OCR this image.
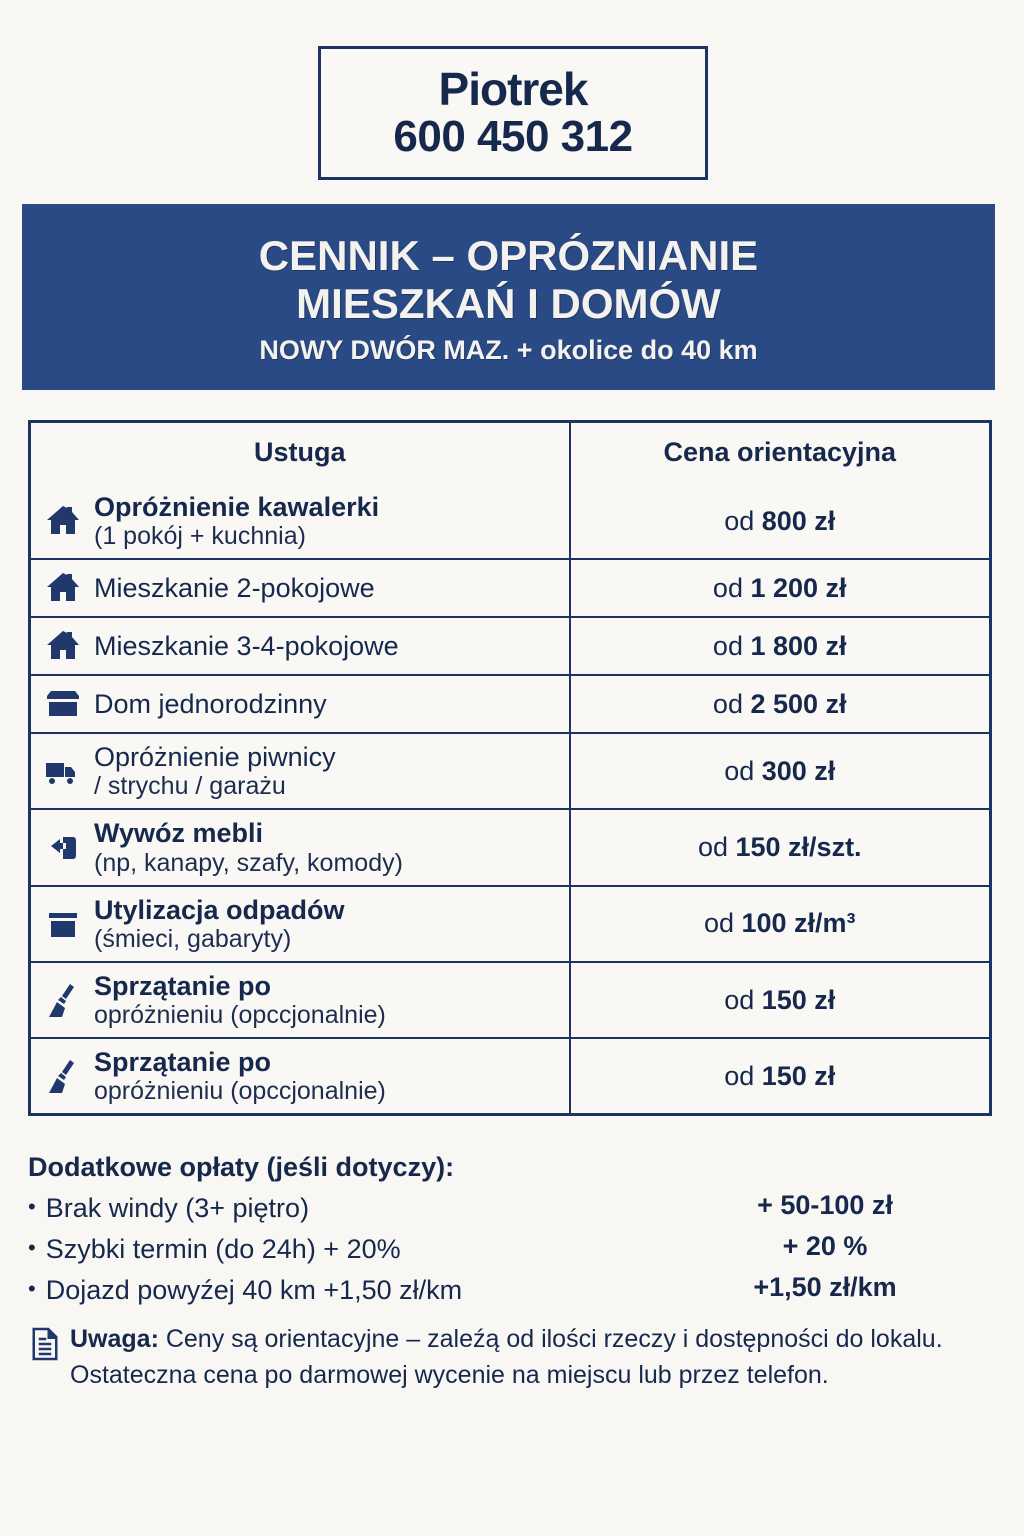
Piotrek
600 450 312
CENNIK – OPRÓZNIANIE
MIESZKAŃ I DOMÓW
NOWY DWÓR MAZ. + okolice do 40 km
Ustuga	Cena orientacyjna

Opróżnienie kawalerki
(1 pokój + kuchnia)	od 800 zł

Mieszkanie 2-pokojowe	od 1 200 zł

Mieszkanie 3-4-pokojowe	od 1 800 zł

Dom jednorodzinny	od 2 500 zł

Opróżnienie piwnicy
/ strychu / garażu	od 300 zł

Wywóz mebli
(np, kanapy, szafy, komody)	od 150 zł/szt.

Utylizacja odpadów
(śmieci, gabaryty)	od 100 zł/m³

Sprzątanie po
opróżnieniu (opccjonalnie)	od 150 zł

Sprzątanie po
opróżnieniu (opccjonalnie)	od 150 zł
Dodatkowe opłaty (jeśli dotyczy):
• Brak windy (3+ piętro)	+ 50-100 zł
• Szybki termin (do 24h) + 20%	+ 20 %
• Dojazd powyźej 40 km +1,50 zł/km	+1,50 zł/km
Uwaga: Ceny są orientacyjne – zaleźą od ilości rzeczy i dostępności do lokalu. Ostateczna cena po darmowej wycenie na miejscu lub przez telefon.
